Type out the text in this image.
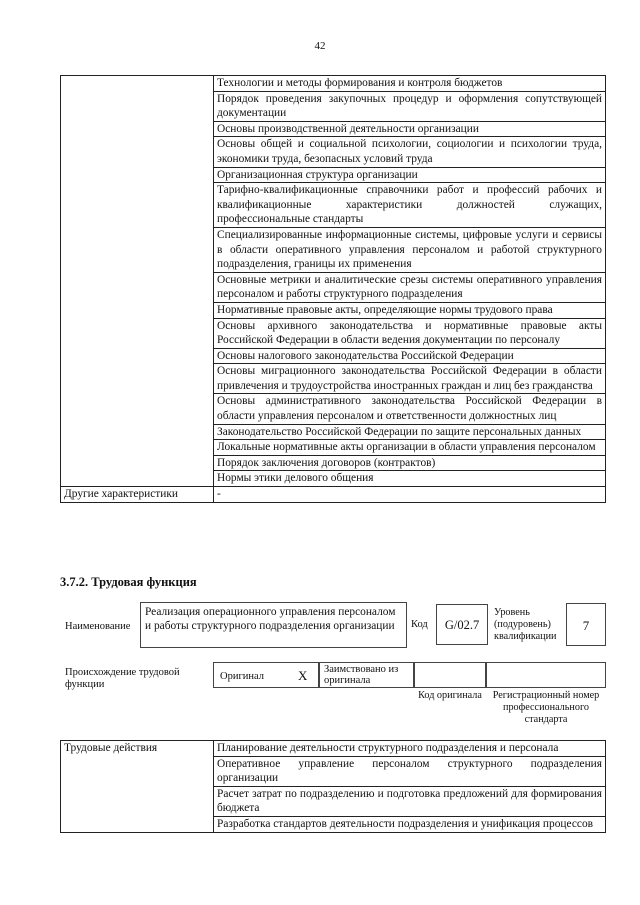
42
	Технологии и методы формирования и контроля бюджетов
	Порядок проведения закупочных процедур и оформления сопутствующей документации
	Основы производственной деятельности организации
	Основы общей и социальной психологии, социологии и психологии труда, экономики труда, безопасных условий труда
	Организационная структура организации
	Тарифно-квалификационные справочники работ и профессий рабочих и квалификационные характеристики должностей служащих, профессиональные стандарты
	Специализированные информационные системы, цифровые услуги и сервисы в области оперативного управления персоналом и работой структурного подразделения, границы их применения
	Основные метрики и аналитические срезы системы оперативного управления персоналом и работы структурного подразделения
	Нормативные правовые акты, определяющие нормы трудового права
	Основы архивного законодательства и нормативные правовые акты Российской Федерации в области ведения документации по персоналу
	Основы налогового законодательства Российской Федерации
	Основы миграционного законодательства Российской Федерации в области привлечения и трудоустройства иностранных граждан и лиц без гражданства
	Основы административного законодательства Российской Федерации в области управления персоналом и ответственности должностных лиц
	Законодательство Российской Федерации по защите персональных данных
	Локальные нормативные акты организации в области управления персоналом
	Порядок заключения договоров (контрактов)
	Нормы этики делового общения
Другие характеристики	-
3.7.2. Трудовая функция
Наименование
Реализация операционного управления персоналом и работы структурного подразделения организации	Код	G/02.7
Уровень (подуровень) квалификации
7
Происхождение трудовой функции
Оригинал	X	Заимствовано из оригинала
Код оригинала	Регистрационный номер профессионального стандарта
Трудовые действия	Планирование деятельности структурного подразделения и персонала
Оперативное управление персоналом структурного подразделения организации
Расчет затрат по подразделению и подготовка предложений для формирования бюджета
Разработка стандартов деятельности подразделения и унификация процессов
